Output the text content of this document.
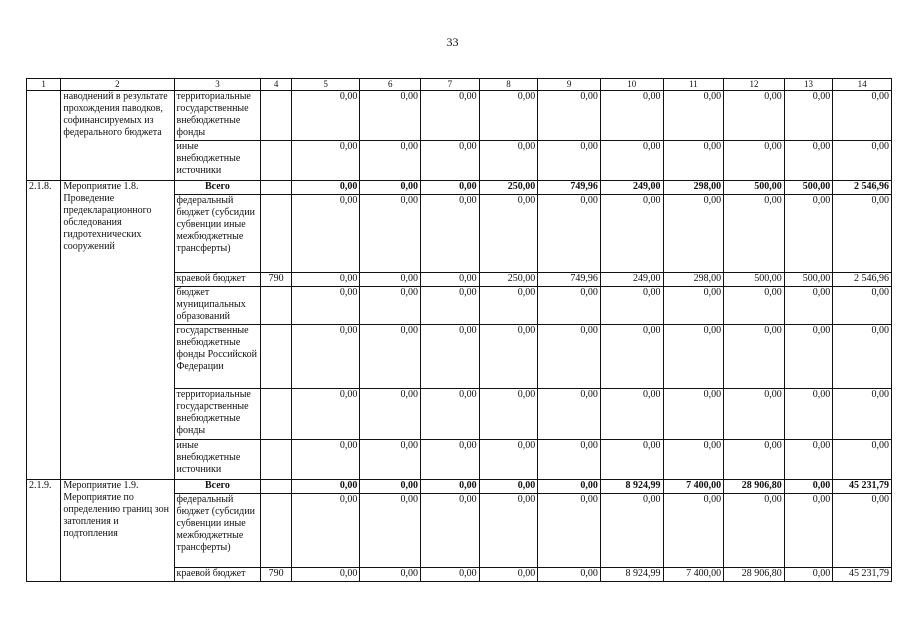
33
1	2	3	4	5	6	7	8	9	10	11	12	13	14
	наводнений в результате прохождения паводков, софинансируемых из федерального бюджета	территориальные государственные внебюджетные фонды		0,00	0,00	0,00	0,00	0,00	0,00	0,00	0,00	0,00	0,00
		иные внебюджетные источники		0,00	0,00	0,00	0,00	0,00	0,00	0,00	0,00	0,00	0,00
2.1.8.	Мероприятие 1.8. Проведение предекларационного обследования гидротехнических сооружений	Всего		0,00	0,00	0,00	250,00	749,96	249,00	298,00	500,00	500,00	2 546,96
		федеральный бюджет (субсидии субвенции иные межбюджетные трансферты)		0,00	0,00	0,00	0,00	0,00	0,00	0,00	0,00	0,00	0,00
		краевой бюджет	790	0,00	0,00	0,00	250,00	749,96	249,00	298,00	500,00	500,00	2 546,96
		бюджет муниципальных образований		0,00	0,00	0,00	0,00	0,00	0,00	0,00	0,00	0,00	0,00
		государственные внебюджетные фонды Российской Федерации		0,00	0,00	0,00	0,00	0,00	0,00	0,00	0,00	0,00	0,00
		территориальные государственные внебюджетные фонды		0,00	0,00	0,00	0,00	0,00	0,00	0,00	0,00	0,00	0,00
		иные внебюджетные источники		0,00	0,00	0,00	0,00	0,00	0,00	0,00	0,00	0,00	0,00
2.1.9.	Мероприятие 1.9. Мероприятие по определению границ зон затопления и подтопления	Всего		0,00	0,00	0,00	0,00	0,00	8 924,99	7 400,00	28 906,80	0,00	45 231,79
		федеральный бюджет (субсидии субвенции иные межбюджетные трансферты)		0,00	0,00	0,00	0,00	0,00	0,00	0,00	0,00	0,00	0,00
		краевой бюджет	790	0,00	0,00	0,00	0,00	0,00	8 924,99	7 400,00	28 906,80	0,00	45 231,79
